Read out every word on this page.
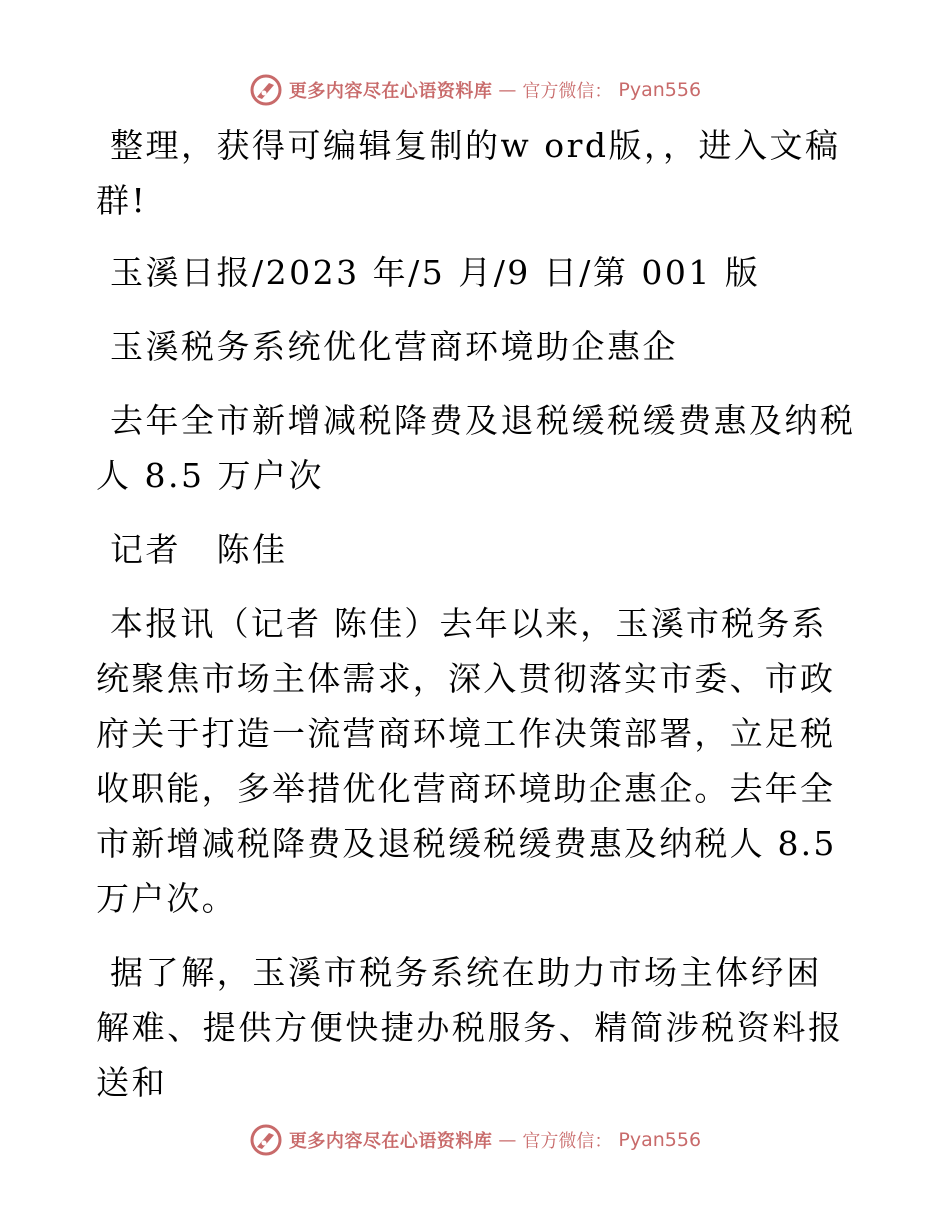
更多内容尽在心语资料库 — 官方微信： Pyan556

整理，获得可编辑复制的w ord版，，进入文稿群!

玉溪日报/2023 年/5 月/9 日/第 001 版

玉溪税务系统优化营商环境助企惠企

去年全市新增减税降费及退税缓税缓费惠及纳税人 8.5 万户次

记者　陈佳

本报讯（记者 陈佳）去年以来，玉溪市税务系统聚焦市场主体需求，深入贯彻落实市委、市政府关于打造一流营商环境工作决策部署，立足税收职能，多举措优化营商环境助企惠企。去年全市新增减税降费及退税缓税缓费惠及纳税人 8.5 万户次。

据了解，玉溪市税务系统在助力市场主体纾困解难、提供方便快捷办税服务、精简涉税资料报送和

更多内容尽在心语资料库 — 官方微信： Pyan556
